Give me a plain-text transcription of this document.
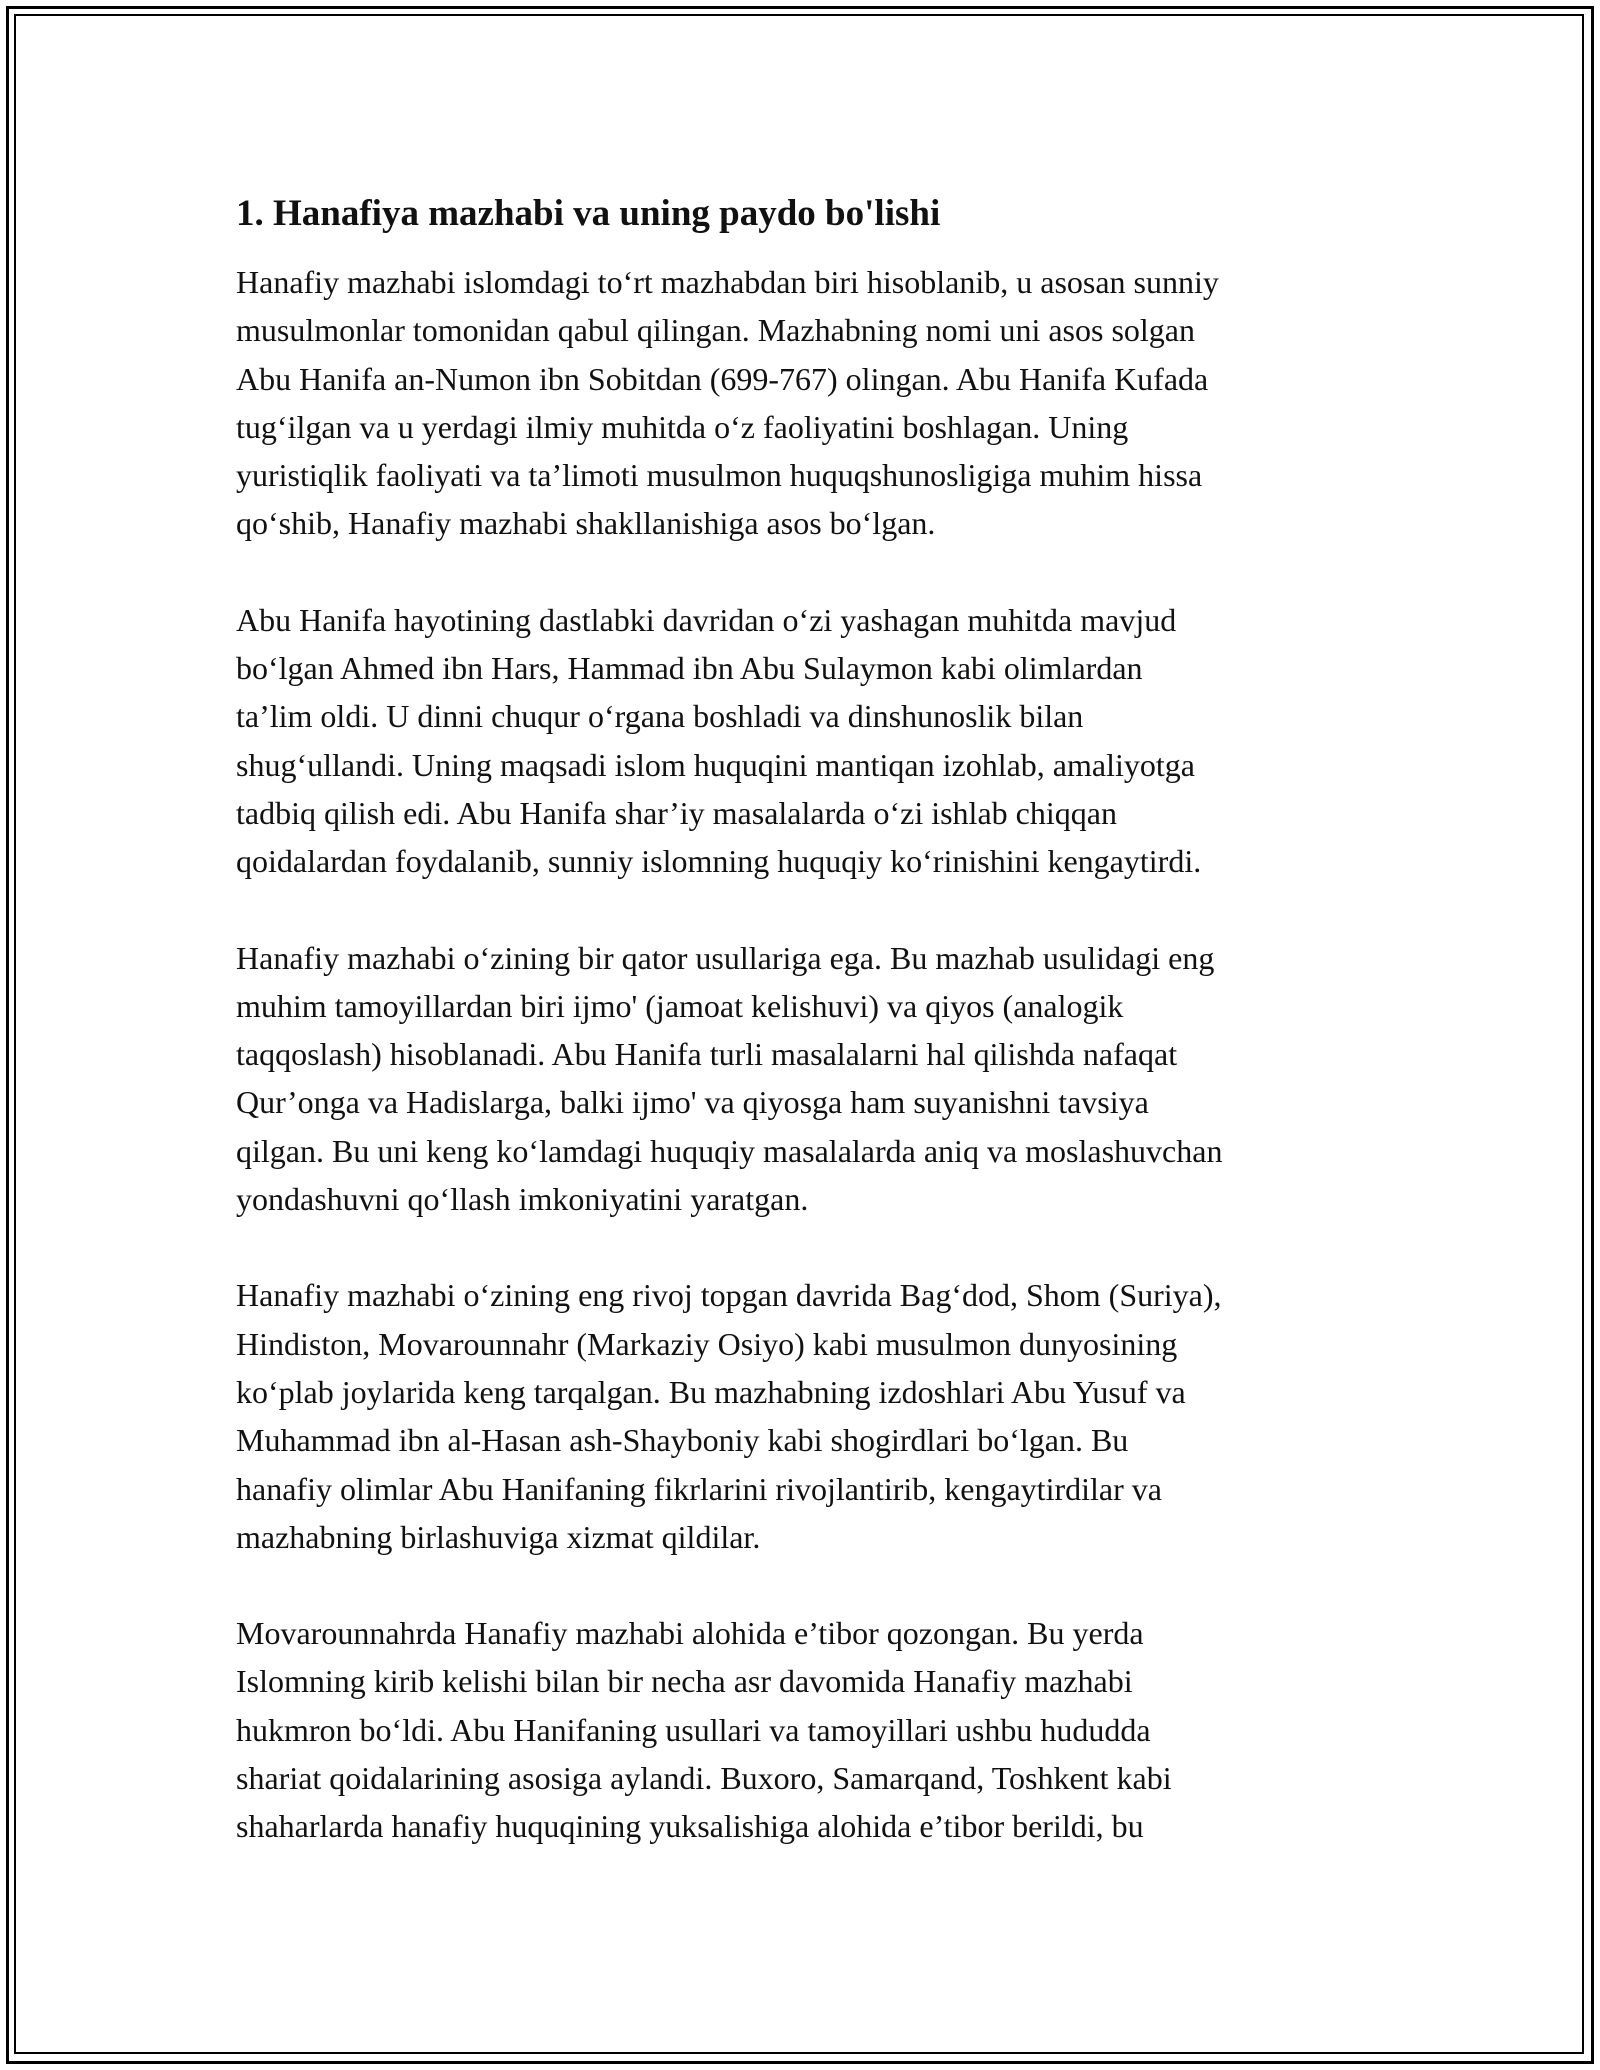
1. Hanafiya mazhabi va uning paydo bo'lishi
Hanafiy mazhabi islomdagi to‘rt mazhabdan biri hisoblanib, u asosan sunniy
musulmonlar tomonidan qabul qilingan. Mazhabning nomi uni asos solgan
Abu Hanifa an-Numon ibn Sobitdan (699-767) olingan. Abu Hanifa Kufada
tug‘ilgan va u yerdagi ilmiy muhitda o‘z faoliyatini boshlagan. Uning
yuristiqlik faoliyati va ta’limoti musulmon huquqshunosligiga muhim hissa
qo‘shib, Hanafiy mazhabi shakllanishiga asos bo‘lgan.
Abu Hanifa hayotining dastlabki davridan o‘zi yashagan muhitda mavjud
bo‘lgan Ahmed ibn Hars, Hammad ibn Abu Sulaymon kabi olimlardan
ta’lim oldi. U dinni chuqur o‘rgana boshladi va dinshunoslik bilan
shug‘ullandi. Uning maqsadi islom huquqini mantiqan izohlab, amaliyotga
tadbiq qilish edi. Abu Hanifa shar’iy masalalarda o‘zi ishlab chiqqan
qoidalardan foydalanib, sunniy islomning huquqiy ko‘rinishini kengaytirdi.
Hanafiy mazhabi o‘zining bir qator usullariga ega. Bu mazhab usulidagi eng
muhim tamoyillardan biri ijmo' (jamoat kelishuvi) va qiyos (analogik
taqqoslash) hisoblanadi. Abu Hanifa turli masalalarni hal qilishda nafaqat
Qur’onga va Hadislarga, balki ijmo' va qiyosga ham suyanishni tavsiya
qilgan. Bu uni keng ko‘lamdagi huquqiy masalalarda aniq va moslashuvchan
yondashuvni qo‘llash imkoniyatini yaratgan.
Hanafiy mazhabi o‘zining eng rivoj topgan davrida Bag‘dod, Shom (Suriya),
Hindiston, Movarounnahr (Markaziy Osiyo) kabi musulmon dunyosining
ko‘plab joylarida keng tarqalgan. Bu mazhabning izdoshlari Abu Yusuf va
Muhammad ibn al-Hasan ash-Shayboniy kabi shogirdlari bo‘lgan. Bu
hanafiy olimlar Abu Hanifaning fikrlarini rivojlantirib, kengaytirdilar va
mazhabning birlashuviga xizmat qildilar.
Movarounnahrda Hanafiy mazhabi alohida e’tibor qozongan. Bu yerda
Islomning kirib kelishi bilan bir necha asr davomida Hanafiy mazhabi
hukmron bo‘ldi. Abu Hanifaning usullari va tamoyillari ushbu hududda
shariat qoidalarining asosiga aylandi. Buxoro, Samarqand, Toshkent kabi
shaharlarda hanafiy huquqining yuksalishiga alohida e’tibor berildi, bu
